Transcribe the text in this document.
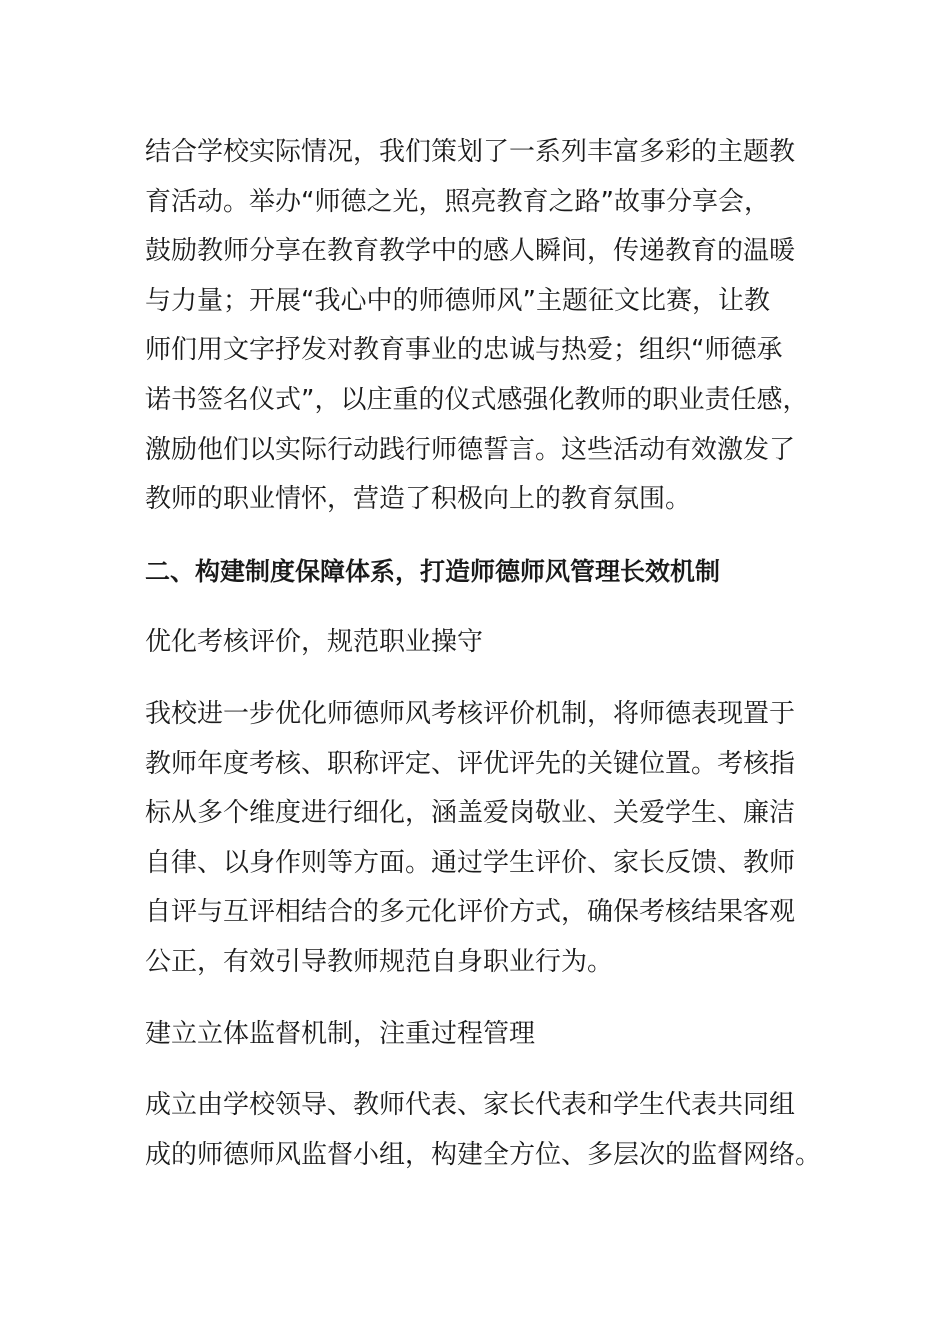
结合学校实际情况，我们策划了一系列丰富多彩的主题教
育活动。举办“师德之光，照亮教育之路”故事分享会，
鼓励教师分享在教育教学中的感人瞬间，传递教育的温暖
与力量；开展“我心中的师德师风”主题征文比赛，让教
师们用文字抒发对教育事业的忠诚与热爱；组织“师德承
诺书签名仪式”，以庄重的仪式感强化教师的职业责任感，
激励他们以实际行动践行师德誓言。这些活动有效激发了
教师的职业情怀，营造了积极向上的教育氛围。
二、构建制度保障体系，打造师德师风管理长效机制
优化考核评价，规范职业操守
我校进一步优化师德师风考核评价机制，将师德表现置于
教师年度考核、职称评定、评优评先的关键位置。考核指
标从多个维度进行细化，涵盖爱岗敬业、关爱学生、廉洁
自律、以身作则等方面。通过学生评价、家长反馈、教师
自评与互评相结合的多元化评价方式，确保考核结果客观
公正，有效引导教师规范自身职业行为。
建立立体监督机制，注重过程管理
成立由学校领导、教师代表、家长代表和学生代表共同组
成的师德师风监督小组，构建全方位、多层次的监督网络。
